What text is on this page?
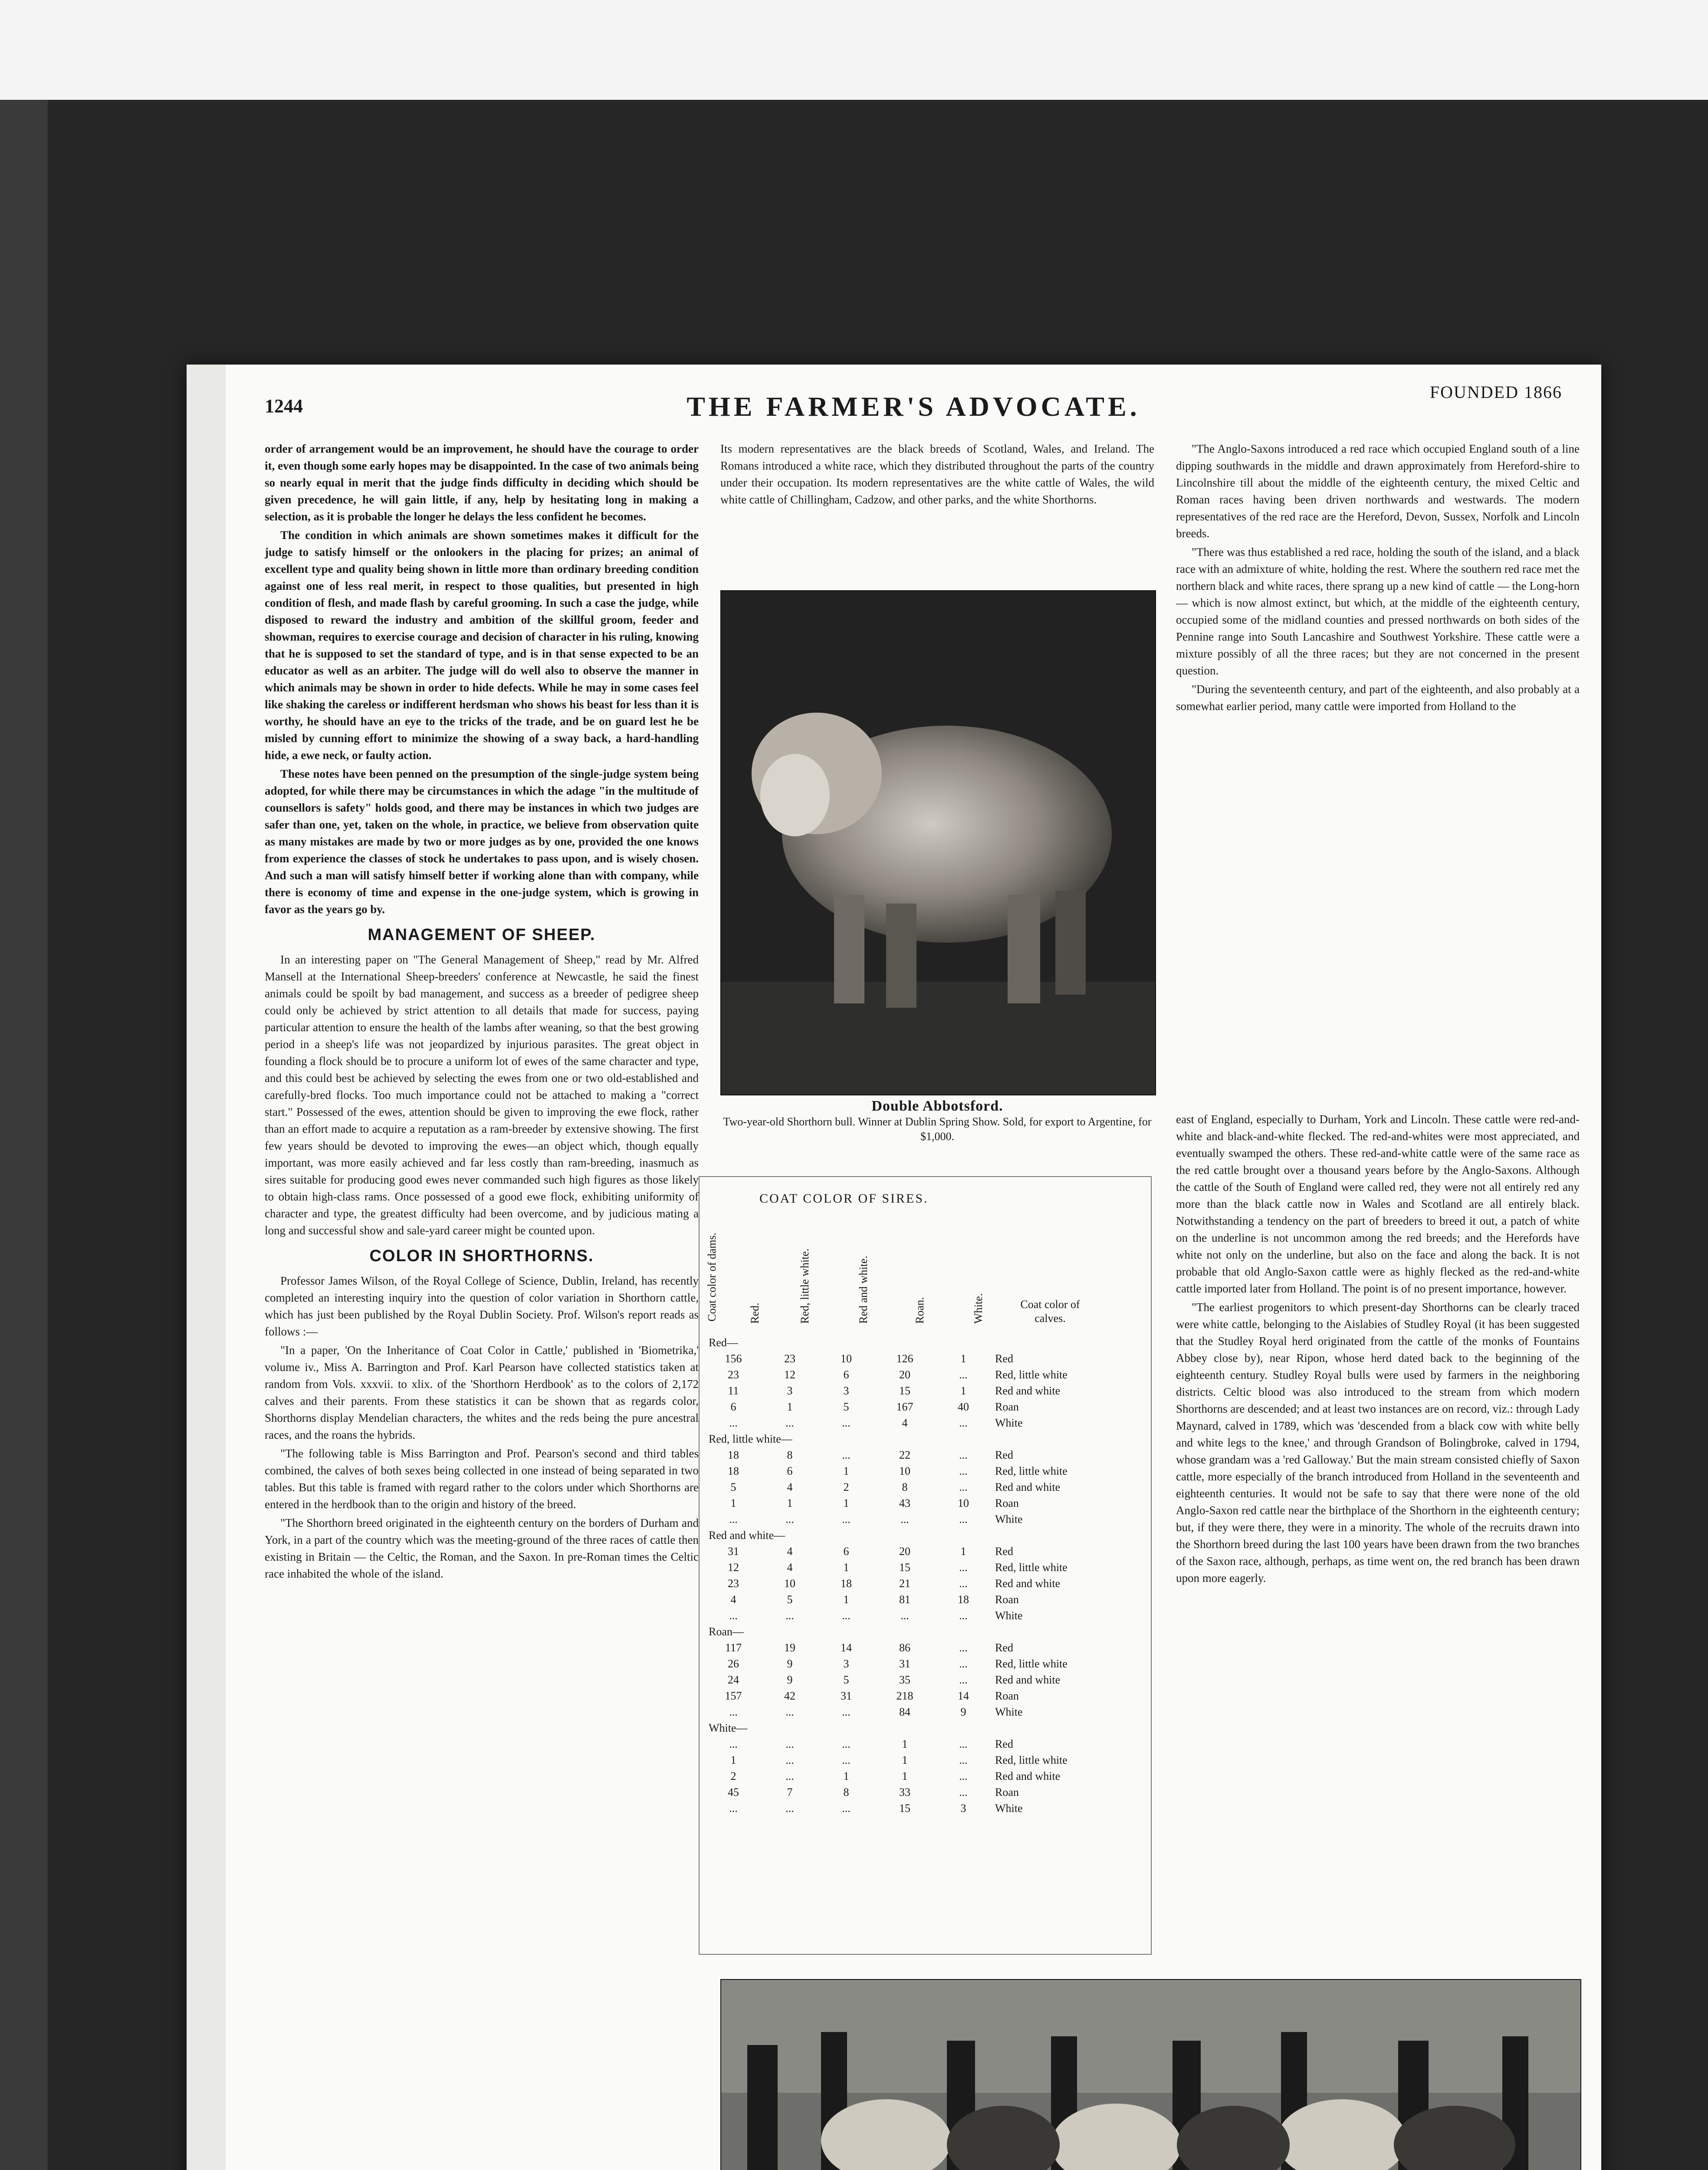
1244	THE FARMER'S ADVOCATE.	FOUNDED 1866

order of arrangement would be an improvement, he should have the courage to order it, even though some early hopes may be disappointed. In the case of two animals being so nearly equal in merit that the judge finds difficulty in deciding which should be given precedence, he will gain little, if any, help by hesitating long in making a selection, as it is probable the longer he delays the less confident he becomes.

The condition in which animals are shown sometimes makes it difficult for the judge to satisfy himself or the onlookers in the placing for prizes; an animal of excellent type and quality being shown in little more than ordinary breeding condition against one of less real merit, in respect to those qualities, but presented in high condition of flesh, and made flash by careful grooming. In such a case the judge, while disposed to reward the industry and ambition of the skillful groom, feeder and showman, requires to exercise courage and decision of character in his ruling, knowing that he is supposed to set the standard of type, and is in that sense expected to be an educator as well as an arbiter. The judge will do well also to observe the manner in which animals may be shown in order to hide defects. While he may in some cases feel like shaking the careless or indifferent herdsman who shows his beast for less than it is worthy, he should have an eye to the tricks of the trade, and be on guard lest he be misled by cunning effort to minimize the showing of a sway back, a hard-handling hide, a ewe neck, or faulty action.

These notes have been penned on the presumption of the single-judge system being adopted, for while there may be circumstances in which the adage "in the multitude of counsellors is safety" holds good, and there may be instances in which two judges are safer than one, yet, taken on the whole, in practice, we believe from observation quite as many mistakes are made by two or more judges as by one, provided the one knows from experience the classes of stock he undertakes to pass upon, and is wisely chosen. And such a man will satisfy himself better if working alone than with company, while there is economy of time and expense in the one-judge system, which is growing in favor as the years go by.

MANAGEMENT OF SHEEP.

In an interesting paper on "The General Management of Sheep," read by Mr. Alfred Mansell at the International Sheep-breeders' conference at Newcastle, he said the finest animals could be spoilt by bad management, and success as a breeder of pedigree sheep could only be achieved by strict attention to all details that made for success, paying particular attention to ensure the health of the lambs after weaning, so that the best growing period in a sheep's life was not jeopardized by injurious parasites. The great object in founding a flock should be to procure a uniform lot of ewes of the same character and type, and this could best be achieved by selecting the ewes from one or two old-established and carefully-bred flocks. Too much importance could not be attached to making a "correct start." Possessed of the ewes, attention should be given to improving the ewe flock, rather than an effort made to acquire a reputation as a ram-breeder by extensive showing. The first few years should be devoted to improving the ewes—an object which, though equally important, was more easily achieved and far less costly than ram-breeding, inasmuch as sires suitable for producing good ewes never commanded such high figures as those likely to obtain high-class rams. Once possessed of a good ewe flock, exhibiting uniformity of character and type, the greatest difficulty had been overcome, and by judicious mating a long and successful show and sale-yard career might be counted upon.

COLOR IN SHORTHORNS.

Professor James Wilson, of the Royal College of Science, Dublin, Ireland, has recently completed an interesting inquiry into the question of color variation in Shorthorn cattle, which has just been published by the Royal Dublin Society. Prof. Wilson's report reads as follows :—

"In a paper, 'On the Inheritance of Coat Color in Cattle,' published in 'Biometrika,' volume iv., Miss A. Barrington and Prof. Karl Pearson have collected statistics taken at random from Vols. xxxvii. to xlix. of the 'Shorthorn Herdbook' as to the colors of 2,172 calves and their parents. From these statistics it can be shown that as regards color, Shorthorns display Mendelian characters, the whites and the reds being the pure ancestral races, and the roans the hybrids.

"The following table is Miss Barrington and Prof. Pearson's second and third tables combined, the calves of both sexes being collected in one instead of being separated in two tables. But this table is framed with regard rather to the colors under which Shorthorns are entered in the herdbook than to the origin and history of the breed.

"The Shorthorn breed originated in the eighteenth century on the borders of Durham and York, in a part of the country which was the meeting-ground of the three races of cattle then existing in Britain — the Celtic, the Roman, and the Saxon. In pre-Roman times the Celtic race inhabited the whole of the island.

Its modern representatives are the black breeds of Scotland, Wales, and Ireland. The Romans introduced a white race, which they distributed throughout the parts of the country under their occupation. Its modern representatives are the white cattle of Wales, the wild white cattle of Chillingham, Cadzow, and other parks, and the white Shorthorns.

Double Abbotsford.
Two-year-old Shorthorn bull. Winner at Dublin Spring Show. Sold, for export to Argentine, for $1,000.
COAT COLOR OF SIRES.
Coat color of dams.	Red.	Red, little white.	Red and white.	Roan.	White.	Coat color of calves.
Red—					
156	23	10	126	1	Red
23	12	6	20	...	Red, little white
11	3	3	15	1	Red and white
6	1	5	167	40	Roan
...	...	...	4	...	White
Red, little white—					
18	8	...	22	...	Red
18	6	1	10	...	Red, little white
5	4	2	8	...	Red and white
1	1	1	43	10	Roan
...	...	...	...	...	White
Red and white—					
31	4	6	20	1	Red
12	4	1	15	...	Red, little white
23	10	18	21	...	Red and white
4	5	1	81	18	Roan
...	...	...	...	...	White
Roan—					
117	19	14	86	...	Red
26	9	3	31	...	Red, little white
24	9	5	35	...	Red and white
157	42	31	218	14	Roan
...	...	...	84	9	White
White—					
...	...	...	1	...	Red
1	...	...	1	...	Red, little white
2	...	1	1	...	Red and white
45	7	8	33	...	Roan
...	...	...	15	3	White

"The Anglo-Saxons introduced a red race which occupied England south of a line dipping southwards in the middle and drawn approximately from Hereford-shire to Lincolnshire till about the middle of the eighteenth century, the mixed Celtic and Roman races having been driven northwards and westwards. The modern representatives of the red race are the Hereford, Devon, Sussex, Norfolk and Lincoln breeds.

"There was thus established a red race, holding the south of the island, and a black race with an admixture of white, holding the rest. Where the southern red race met the northern black and white races, there sprang up a new kind of cattle — the Long-horn — which is now almost extinct, but which, at the middle of the eighteenth century, occupied some of the midland counties and pressed northwards on both sides of the Pennine range into South Lancashire and Southwest Yorkshire. These cattle were a mixture possibly of all the three races; but they are not concerned in the present question.

"During the seventeenth century, and part of the eighteenth, and also probably at a somewhat earlier period, many cattle were imported from Holland to the

east of England, especially to Durham, York and Lincoln. These cattle were red-and-white and black-and-white flecked. The red-and-whites were most appreciated, and eventually swamped the others. These red-and-white cattle were of the same race as the red cattle brought over a thousand years before by the Anglo-Saxons. Although the cattle of the South of England were called red, they were not all entirely red any more than the black cattle now in Wales and Scotland are all entirely black. Notwithstanding a tendency on the part of breeders to breed it out, a patch of white on the underline is not uncommon among the red breeds; and the Herefords have white not only on the underline, but also on the face and along the back. It is not probable that old Anglo-Saxon cattle were as highly flecked as the red-and-white cattle imported later from Holland. The point is of no present importance, however.

"The earliest progenitors to which present-day Shorthorns can be clearly traced were white cattle, belonging to the Aislabies of Studley Royal (it has been suggested that the Studley Royal herd originated from the cattle of the monks of Fountains Abbey close by), near Ripon, whose herd dated back to the beginning of the eighteenth century. Studley Royal bulls were used by farmers in the neighboring districts. Celtic blood was also introduced to the stream from which modern Shorthorns are descended; and at least two instances are on record, viz.: through Lady Maynard, calved in 1789, which was 'descended from a black cow with white belly and white legs to the knee,' and through Grandson of Bolingbroke, calved in 1794, whose grandam was a 'red Galloway.' But the main stream consisted chiefly of Saxon cattle, more especially of the branch introduced from Holland in the seventeenth and eighteenth centuries. It would not be safe to say that there were none of the old Anglo-Saxon red cattle near the birthplace of the Shorthorn in the eighteenth century; but, if they were there, they were in a minority. The whole of the recruits drawn into the Shorthorn breed during the last 100 years have been drawn from the two branches of the Saxon race, although, perhaps, as time went on, the red branch has been drawn upon more eagerly.
